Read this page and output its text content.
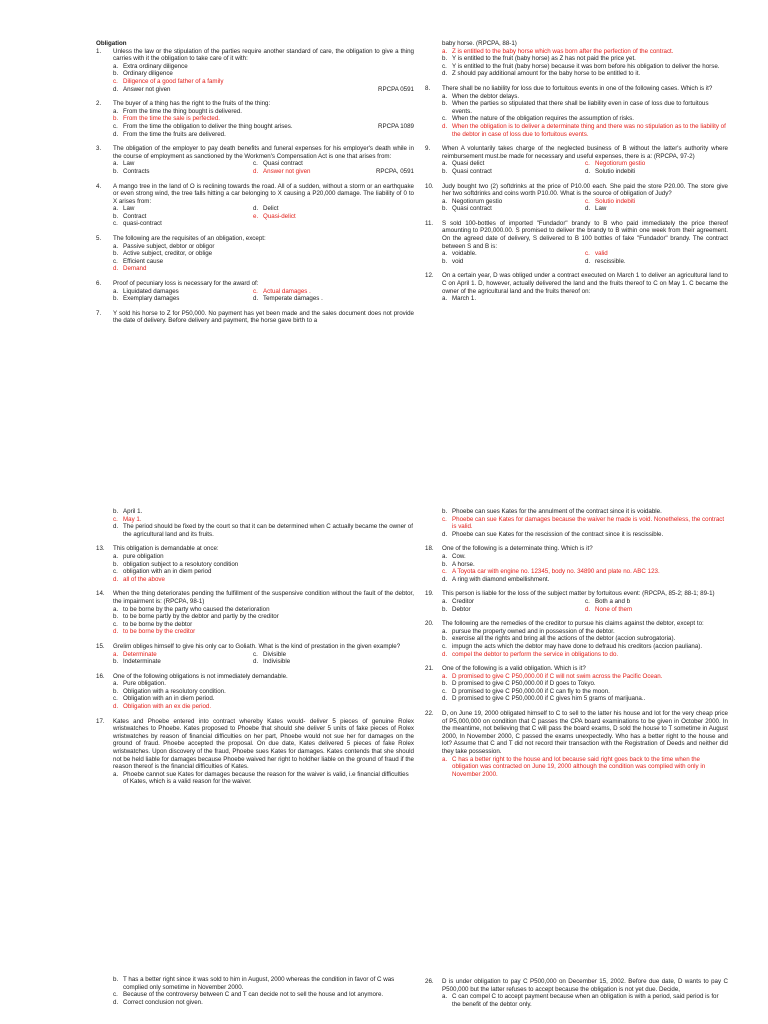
Obligation
1.	Unless the law or the stipulation of the parties require another standard of care, the obligation to give a thing carries with it the obligation to take care of it with:
a. Extra ordinary diligence
b. Ordinary diligence
c. Diligence of a good father of a family
d. Answer not given	RPCPA 0591
2.	The buyer of a thing has the right to the fruits of the thing:
a. From the time the thing bought is delivered.
b. From the time the sale is perfected.
c. From the time the obligation to deliver the thing bought arises.	RPCPA 1089
d. From the time the fruits are delivered.
3.	The obligation of the employer to pay death benefits and funeral expenses for his employer's death while in the course of employment as sanctioned by the Workmen's Compensation Act is one that arises from:
a. Law	c. Quasi contract
b. Contracts	d. Answer not given	RPCPA, 0591
4.	A mango tree in the land of O is reclining towards the road. All of a sudden, without a storm or an earthquake or even strong wind, the tree falls hitting a car belonging to X causing a P20,000 damage. The liability of 0 to X arises from:
a. Law	d. Delict
b. Contract	e. Quasi-delict
c. quasi-contract
5.	The following are the requisites of an obligation, except:
a. Passive subject, debtor or obligor
b. Active subject, creditor, or oblige
c. Efficient cause
d. Demand
6.	Proof of pecuniary loss is necessary for the award of:
a. Liquidated damages	c. Actual damages .
b. Exemplary damages	d. Temperate damages .
7.	Y sold his horse to Z for P50,000. No payment has yet been made and the sales document does not provide the date of delivery. Before delivery and payment, the horse gave birth to a
baby horse. (RPCPA, 88-1)
a. Z is entitled to the baby horse which was born after the perfection of the contract.
b. Y is entitled to the fruit (baby horse) as Z has not paid the price yet.
c. Y is entitled to the fruit (baby horse) because it was born before his obligation to deliver the horse.
d. Z should pay additional amount for the baby horse to be entitled to it.
8.	There shall be no liability for loss due to fortuitous events in one of the following cases. Which is it?
a. When the debtor delays.
b. When the parties so stipulated that there shall be liability even in case of loss due to fortuitous events.
c. When the nature of the obligation requires the assumption of risks.
d. When the obligation is to deliver a determinate thing and there was no stipulation as to the liability of the debtor in case of loss due to fortuitous events.
9.	When A voluntarily takes charge of the neglected business of B without the latter's authority where reimbursement must.be made for necessary and useful expenses, there is a: (RPCPA, 97-2)
a. Quasi delict	c. Negotiorum gestio
b. Quasi contract	d. Solutio indebiti
10.	Judy bought two (2) softdrinks at the price of P10.00 each. She paid the store P20.00. The store give her two softdrinks and coins worth P10.00. What is the source of obligation of Judy?
a. Negotiorum gestio	c. Solutio indebiti
b. Quasi contract	d. Law
11.	S sold 100-bottles of imported "Fundador" brandy to B who paid immediately the price thereof amounting to P20,000.00. S promised to deliver the brandy to B within one week from their agreement. On the agreed date of delivery, S delivered to B 100 bottles of fake "Fundador" brandy. The contract between S and B is:
a. voidable.	c. valid
b. void	d. rescissible.
12.	On a certain year, D was obliged under a contract executed on March 1 to deliver an agricultural land to C on April 1. D, however, actually delivered the land and the fruits thereof to C on May 1. C became the owner of the agricultural land and the fruits thereof on:
a. March 1.
b. April 1.
c. May 1.
d. The period should be fixed by the court so that it can be determined when C actually became the owner of the agricultural land and its fruits.
13.	This obligation is demandable at once:
a. pure obligation
b. obligation subject to a resolutory condition
c. obligation with an in diem period
d. all of the above
14.	When the thing deteriorates pending the fulfillment of the suspensive condition without the fault of the debtor, the impairment is: (RPCPA, 98-1)
a. to be borne by the party who caused the deterioration
b. to be borne partly by the debtor and partly by the creditor
c. to be borne by the debtor
d. to be borne by the creditor
15.	Grelim obliges himself to give his only car to Goliath. What is the kind of prestation in the given example?
a. Determinate	c. Divisible
b. Indeterminate	d. Indivisible
16.	One of the following obligations is not immediately demandable.
a. Pure obligation.
b. Obligation with a resolutory condition.
c. Obligation with an in diem period.
d. Obligation with an ex die period.
17.	Kates and Phoebe entered into contract whereby Kates would- deliver 5 pieces of genuine Rolex wristwatches to Phoebe. Kates proposed to Phoebe that should she deliver 5 units of fake pieces of Rolex wristwatches by reason of financial difficulties on her part, Phoebe would not sue her for damages on the ground of fraud. Phoebe accepted the proposal. On due date, Kates delivered 5 pieces of fake Rolex wristwatches. Upon discovery of the fraud, Phoebe sues Kates for damages. Kates contends that she should not be held liable for damages because Phoebe waived her right to holdher liable on the ground of fraud if the reason thereof is the financial difficulties of Kates.
a. Phoebe cannot sue Kates for damages because the reason for the waiver is valid, i.e financial difficulties of Kates, which is a valid reason for the waiver.
b. Phoebe can sues Kates for the annulment of the contract since it is voidable.
c. Phoebe can sue Kates for damages because the waiver he made is void. Nonetheless, the contract is valid.
d. Phoebe can sue Kates for the rescission of the contract since it is rescissible.
18.	One of the following is a determinate thing. Which is it?
a. Cow.
b. A horse.
c. A Toyota car with engine no. 12345, body no. 34890 and plate no. ABC 123.
d. A ring with diamond embellishment.
19.	This person is liable for the loss of the subject matter by fortuitous event: (RPCPA, 85-2; 88-1; 89-1)
a. Creditor	c. Both a and b
b. Debtor	d. None of them
20.	The following are the remedies of the creditor to pursue his claims against the debtor, except to:
a. pursue the property owned and in possession of the debtor.
b. exercise all the rights and bring all the actions of the debtor (accion subrogatoria).
c. impugn the acts which the debtor may have done to defraud his creditors (accion pauliana).
d. compel the debtor to perform the service in obligations to do.
21.	One of the following is a valid obligation. Which is it?
a. D promised to give C P50,000.00 if C will not swim across the Pacific Ocean.
b. D promised to give C P50,000.00 if D goes to Tokyo.
c. D promised to give C P50,000.00 if C can fly to the moon.
d. D promised to give C P50,000.00 if C gives him 5 grams of marijuana..
22.	D, on June 19, 2000 obligated himself to C to sell to the latter his house and lot for the very cheap price of P5,000,000 on condition that C passes the CPA board examinations to be given in October 2000. In the meantime, not believing that C will pass the board exams, D sold the house to T sometime in August 2000, In November 2000, C passed the exams unexpectedly. Who has a better right to the house and lot? Assume that C and T did not record their transaction with the Registration of Deeds and neither did they take possession.
a. C has a better right to the house and lot because said right goes back to the time when the obligation was contracted on June 19, 2000 although the condition was complied with only in November 2000.
b. T has a better right since it was sold to him in August, 2000 whereas the condition in favor of C was complied only sometime in November 2000.
c. Because of the controversy between C and T can decide not to sell the house and lot anymore.
d. Correct conclusion not given.
26.	D is under obligation to pay C P500,000 on December 15, 2002. Before due date, D wants to pay C P500,000 but the latter refuses to accept because the obligation is not yet due. Decide,
a. C can compel C to accept payment because when an obligation is with a period, said period is for the benefit of the debtor only.
